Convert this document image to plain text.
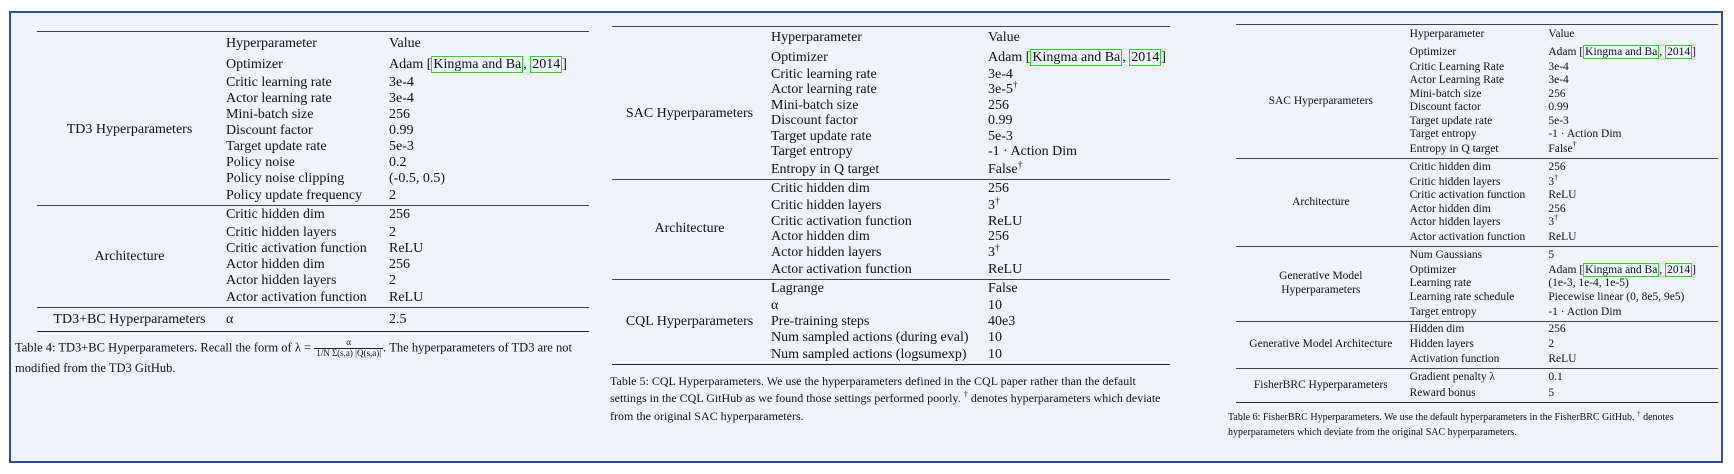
	Hyperparameter	Value
TD3 Hyperparameters	Optimizer	Adam [ Kingma and Ba , 2014 ]
	Critic learning rate	3e-4
	Actor learning rate	3e-4
	Mini-batch size	256
	Discount factor	0.99
	Target update rate	5e-3
	Policy noise	0.2
	Policy noise clipping	(-0.5, 0.5)
	Policy update frequency	2
Architecture	Critic hidden dim	256
	Critic hidden layers	2
	Critic activation function	ReLU
	Actor hidden dim	256
	Actor hidden layers	2
	Actor activation function	ReLU
TD3+BC Hyperparameters	α	2.5
Table 4: TD3+BC Hyperparameters. Recall the form of $\lambda = \frac{\alpha}{\text{1/N Σ(s,a) |Q(s,a)|}}$ . The hyperparameters of TD3 are not modified from the TD3 GitHub.
	Hyperparameter	Value
SAC Hyperparameters	Optimizer	Adam [ Kingma and Ba , 2014 ]
	Critic learning rate	3e-4
	Actor learning rate	3e-5†
	Mini-batch size	256
	Discount factor	0.99
	Target update rate	5e-3
	Target entropy	-1 · Action Dim
	Entropy in Q target	False†
Architecture	Critic hidden dim	256
	Critic hidden layers	3†
	Critic activation function	ReLU
	Actor hidden dim	256
	Actor hidden layers	3†
	Actor activation function	ReLU
CQL Hyperparameters	Lagrange	False
	α	10
	Pre-training steps	40e3
	Num sampled actions (during eval)	10
	Num sampled actions (logsumexp)	10
Table 5: CQL Hyperparameters. We use the hyperparameters defined in the CQL paper rather than the default settings in the CQL GitHub as we found those settings performed poorly. † denotes hyperparameters which deviate from the original SAC hyperparameters.
	Hyperparameter	Value
SAC Hyperparameters	Optimizer	Adam [ Kingma and Ba , 2014 ]
	Critic Learning Rate	3e-4
	Actor Learning Rate	3e-4
	Mini-batch size	256
	Discount factor	0.99
	Target update rate	5e-3
	Target entropy	-1 · Action Dim
	Entropy in Q target	False†
Architecture	Critic hidden dim	256
	Critic hidden layers	3†
	Critic activation function	ReLU
	Actor hidden dim	256
	Actor hidden layers	3†
	Actor activation function	ReLU
Generative Model
Hyperparameters	Num Gaussians	5
	Optimizer	Adam [ Kingma and Ba , 2014 ]
	Learning rate	(1e-3, 1e-4, 1e-5)
	Learning rate schedule	Piecewise linear (0, 8e5, 9e5)
	Target entropy	-1 · Action Dim
Generative Model Architecture	Hidden dim	256
	Hidden layers	2
	Activation function	ReLU
FisherBRC Hyperparameters	Gradient penalty λ	0.1
	Reward bonus	5
Table 6: FisherBRC Hyperparameters. We use the default hyperparameters in the FisherBRC GitHub. † denotes hyperparameters which deviate from the original SAC hyperparameters.
